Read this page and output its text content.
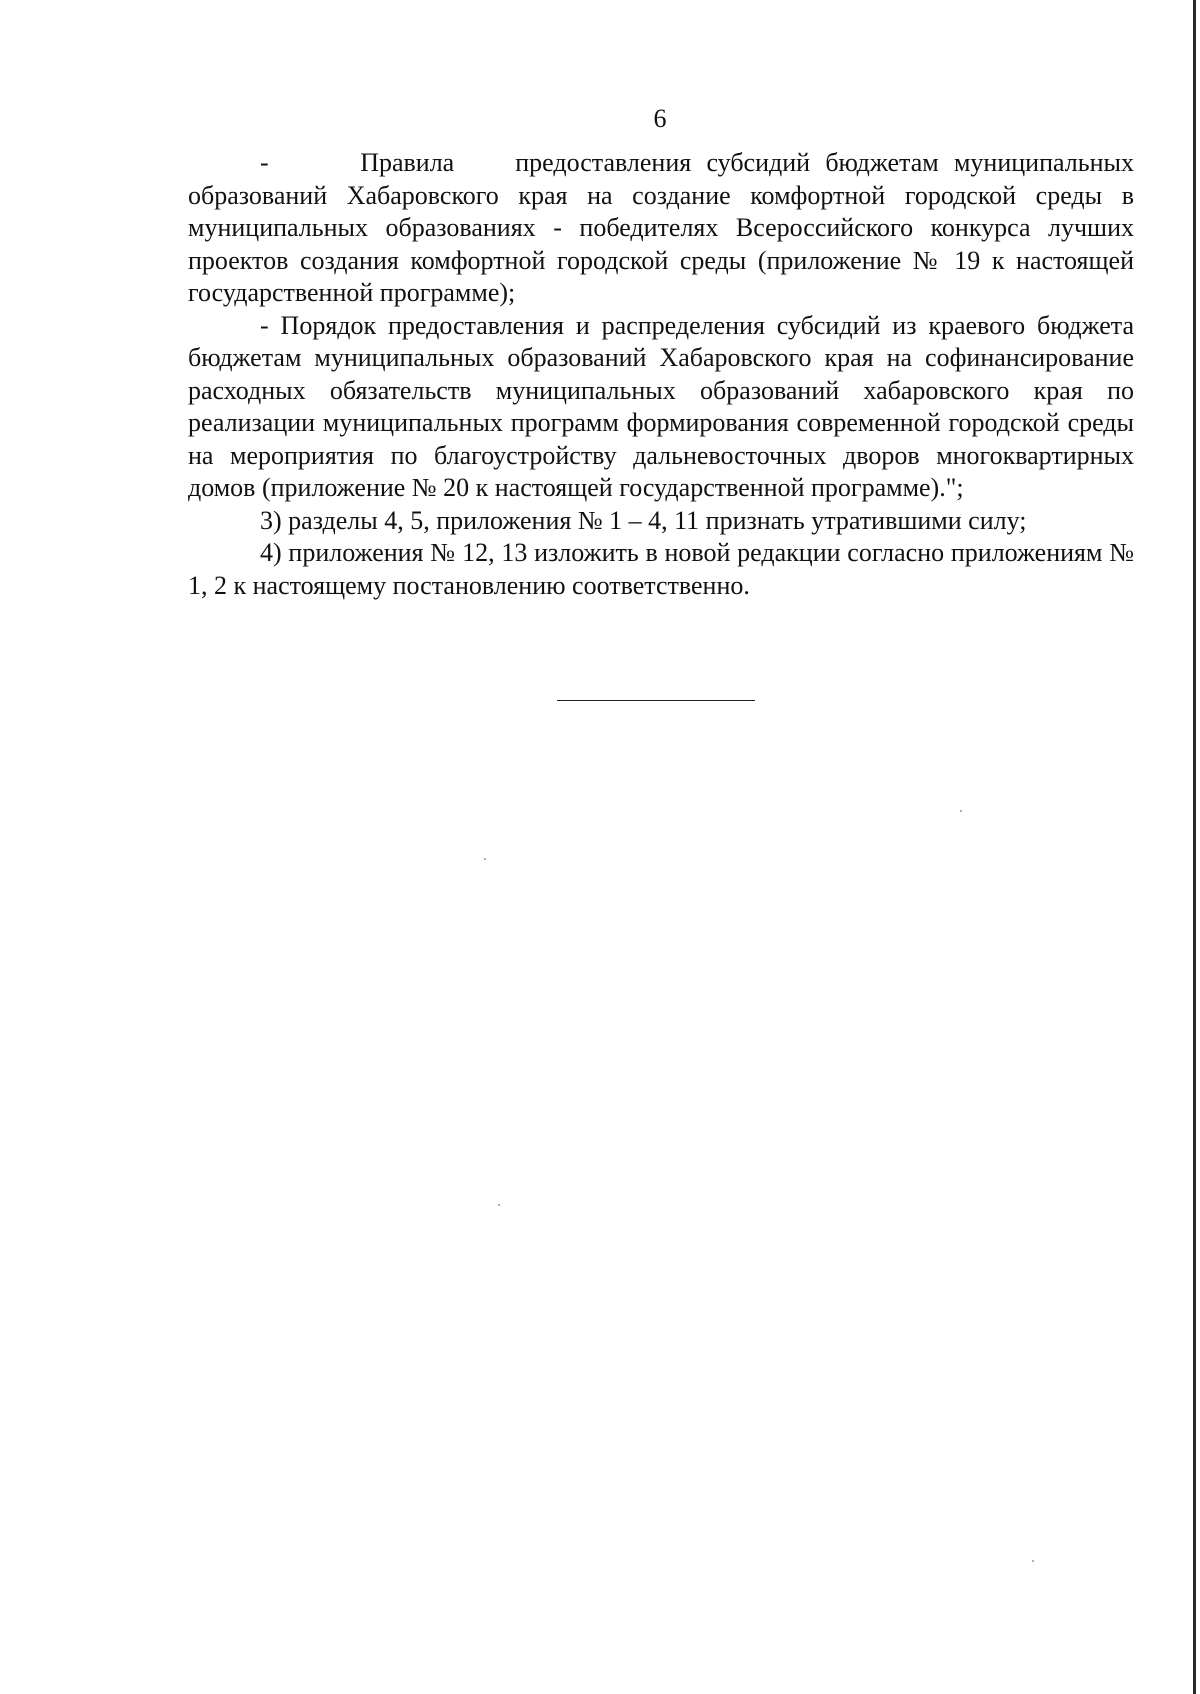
6

-      Правила    предоставления субсидий бюджетам муниципальных образований Хабаровского края на создание комфортной городской среды в муниципальных образованиях - победителях Всероссийского конкурса лучших проектов создания комфортной городской среды (приложение № 19 к настоящей государственной программе);

- Порядок предоставления и распределения субсидий из краевого бюджета бюджетам муниципальных образований Хабаровского края на софинансирование расходных обязательств муниципальных образований хабаровского края по реализации муниципальных программ формирования современной городской среды на мероприятия по благоустройству дальневосточных дворов многоквартирных домов (приложение № 20 к настоящей государственной программе).";

3) разделы 4, 5, приложения № 1 – 4, 11 признать утратившими силу;

4) приложения № 12, 13 изложить в новой редакции согласно приложениям № 1, 2 к настоящему постановлению соответственно.
